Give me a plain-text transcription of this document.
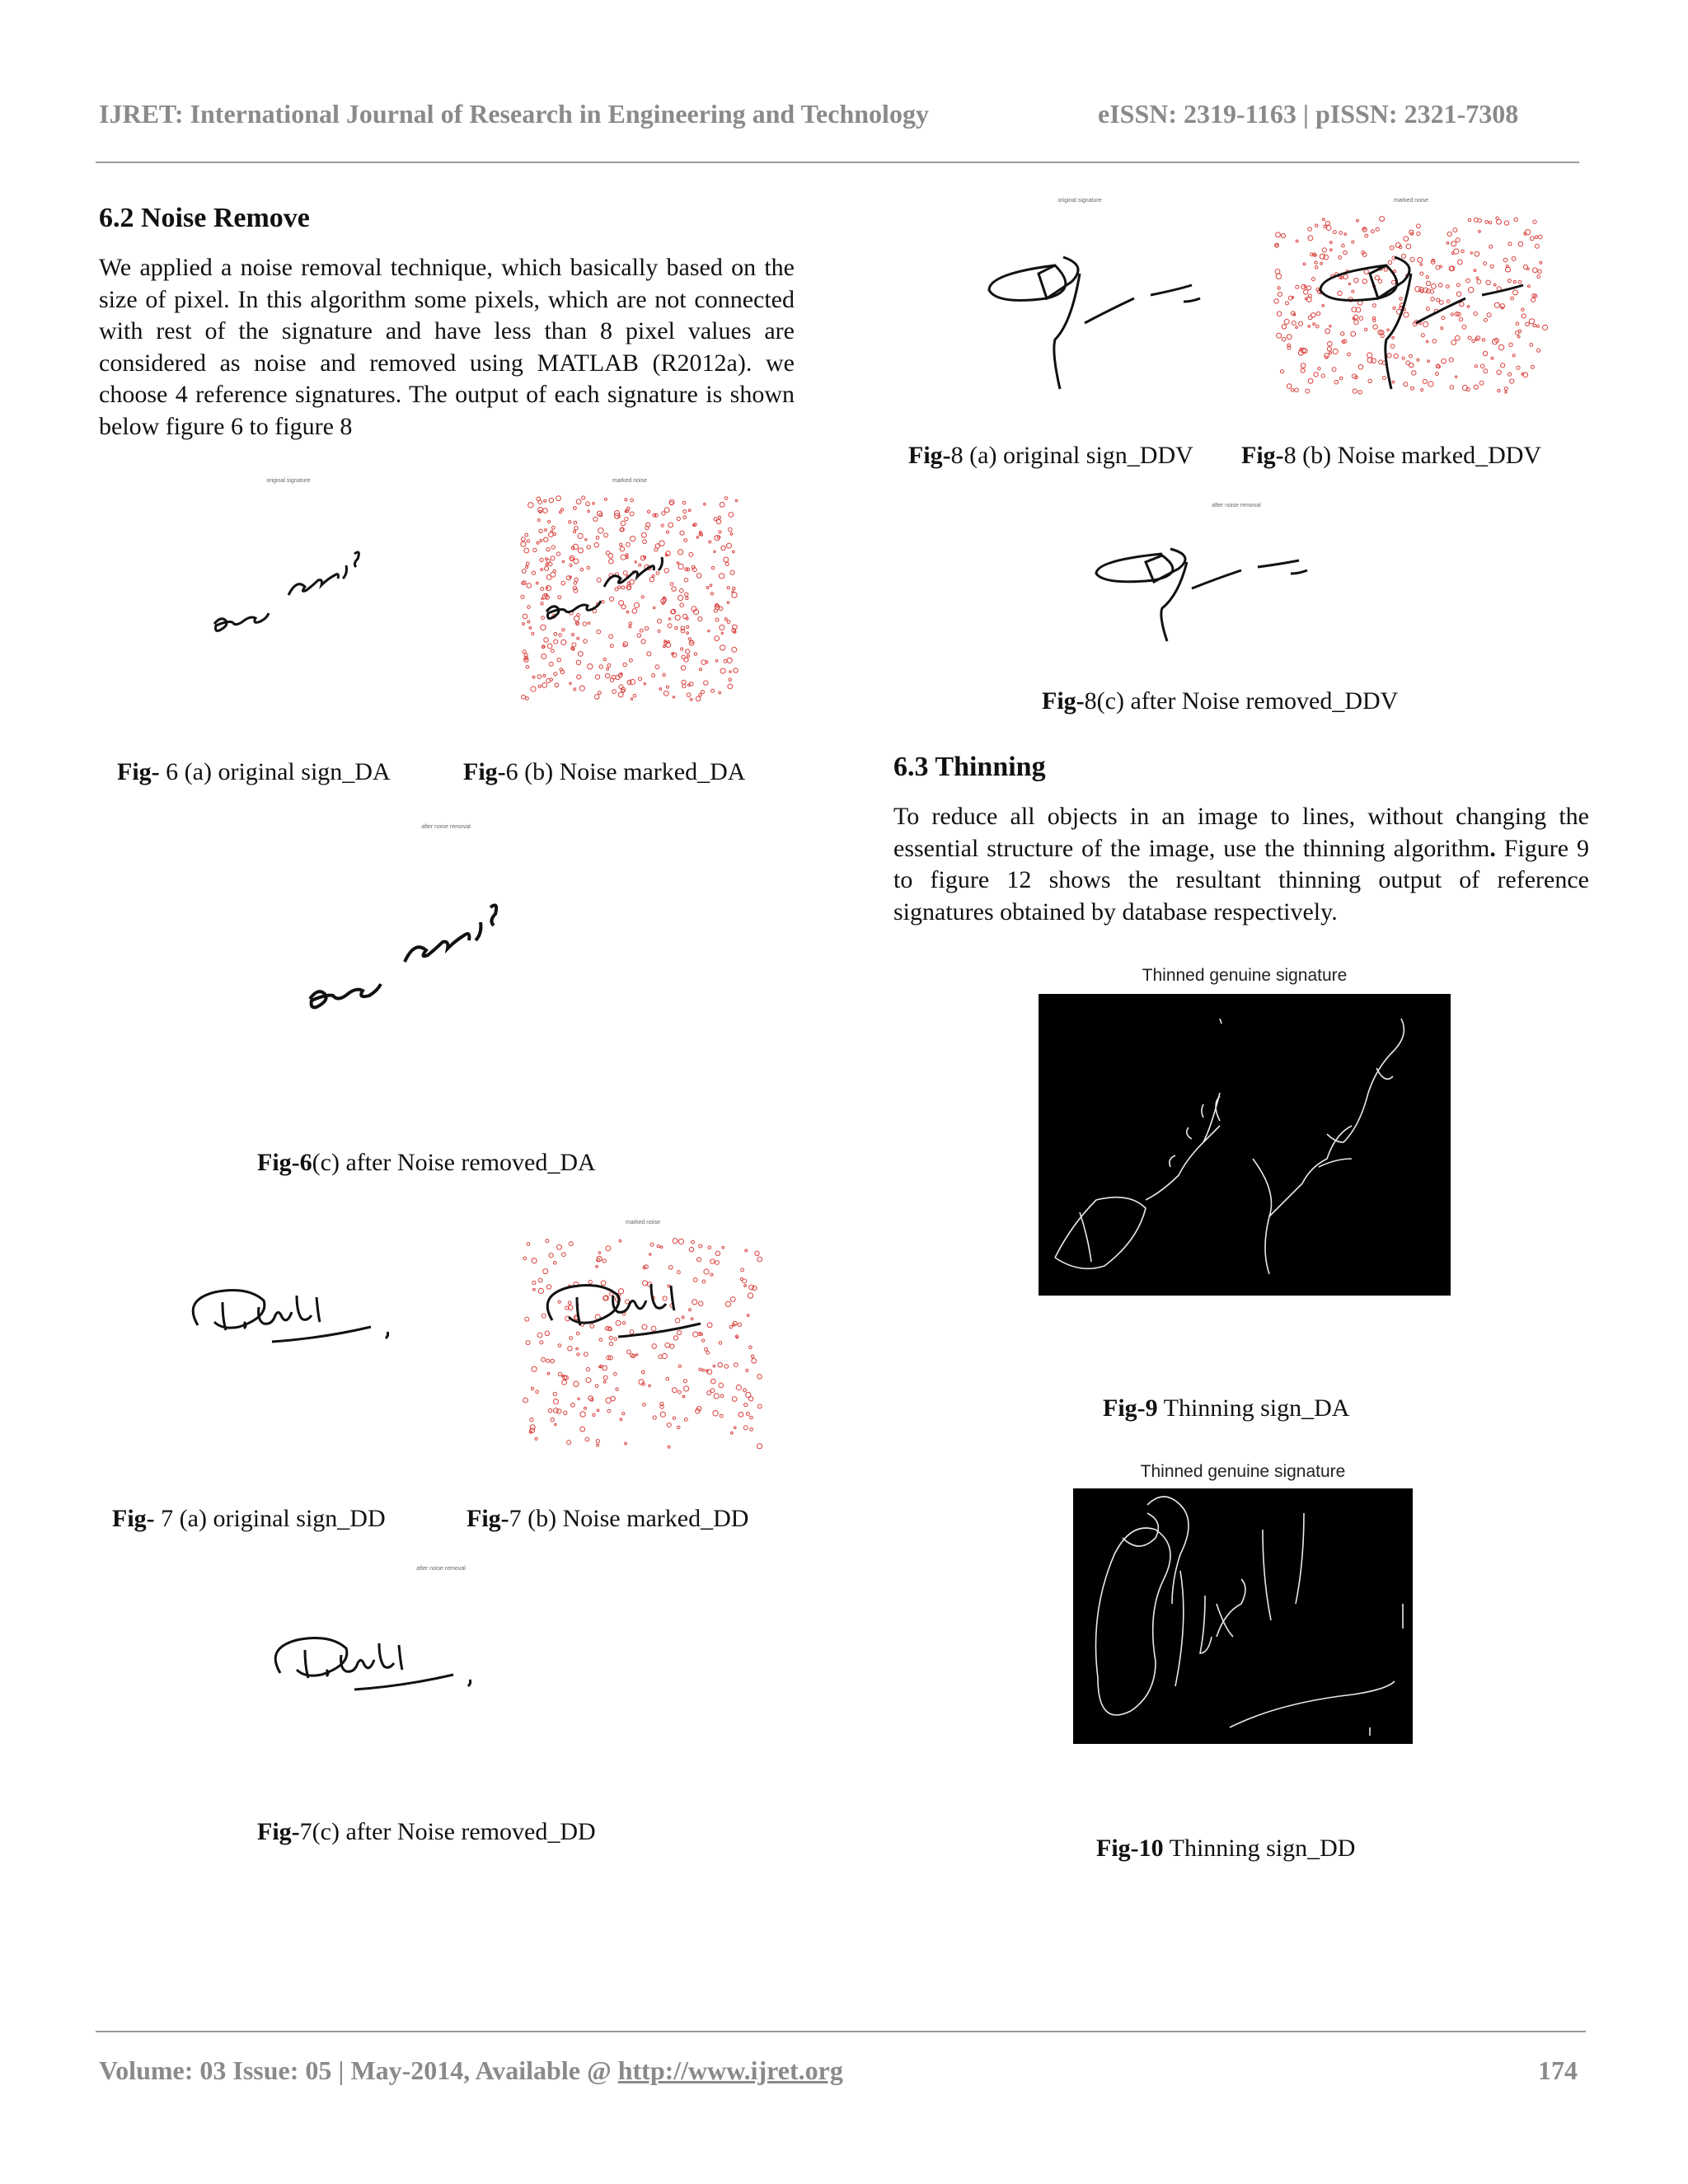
IJRET: International Journal of Research in Engineering and Technology	eISSN: 2319-1163 | pISSN: 2321-7308
6.2 Noise Remove

We applied a noise removal technique, which basically based on the size of pixel. In this algorithm some pixels, which are not connected with rest of the signature and have less than 8 pixel values are considered as noise and removed using MATLAB (R2012a). we choose 4 reference signatures. The output of each signature is shown below figure 6 to figure 8

original signature	marked noise
Fig- 6 (a) original sign_DA	Fig-6 (b) Noise marked_DA
after noise removal
Fig-6(c) after Noise removed_DA
marked noise
Fig- 7 (a) original sign_DD	Fig-7 (b) Noise marked_DD
after noise removal
Fig-7(c) after Noise removed_DD
original signature	marked noise
Fig-8 (a) original sign_DDV Fig-8 (b) Noise marked_DDV
after noise removal
Fig-8(c) after Noise removed_DDV
6.3 Thinning

To reduce all objects in an image to lines, without changing the essential structure of the image, use the thinning algorithm. Figure 9 to figure 12 shows the resultant thinning output of reference signatures obtained by database respectively.

Thinned genuine signature
Fig-9 Thinning sign_DA
Thinned genuine signature
Fig-10 Thinning sign_DD
Volume: 03 Issue: 05 | May-2014, Available @ http://www.ijret.org	174
